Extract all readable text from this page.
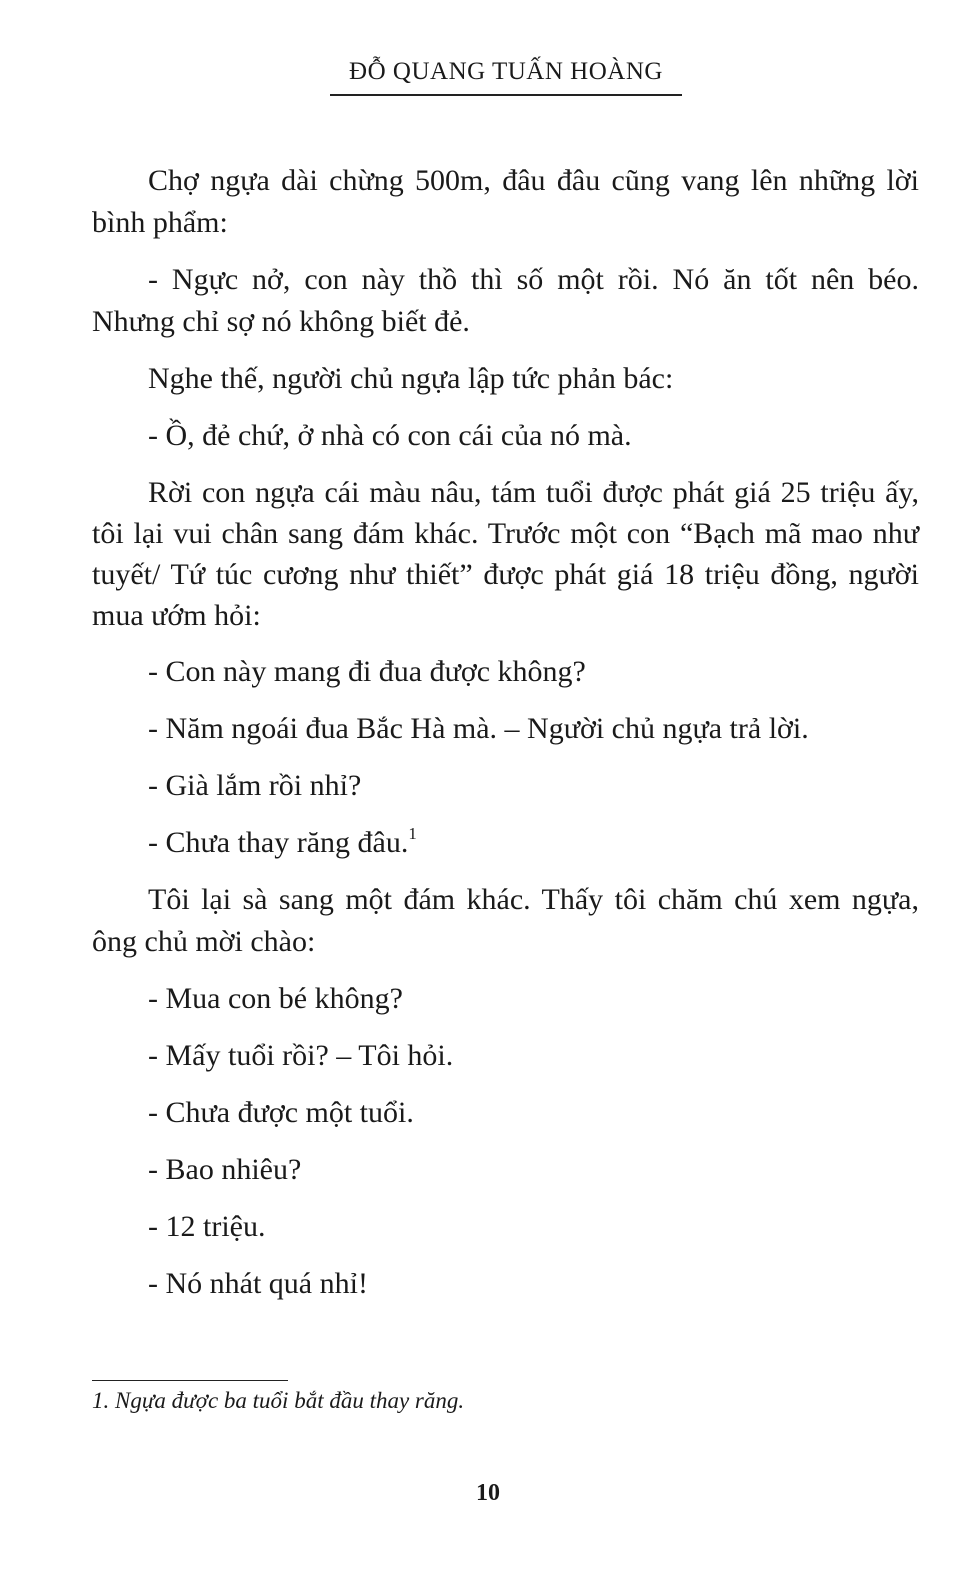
ĐỖ QUANG TUẤN HOÀNG

Chợ ngựa dài chừng 500m, đâu đâu cũng vang lên những lời bình phẩm:

- Ngực nở, con này thồ thì số một rồi. Nó ăn tốt nên béo. Nhưng chỉ sợ nó không biết đẻ.

Nghe thế, người chủ ngựa lập tức phản bác:

- Ồ, đẻ chứ, ở nhà có con cái của nó mà.

Rời con ngựa cái màu nâu, tám tuổi được phát giá 25 triệu ấy, tôi lại vui chân sang đám khác. Trước một con “Bạch mã mao như tuyết/ Tứ túc cương như thiết” được phát giá 18 triệu đồng, người mua ướm hỏi:

- Con này mang đi đua được không?

- Năm ngoái đua Bắc Hà mà. – Người chủ ngựa trả lời.

- Già lắm rồi nhỉ?

- Chưa thay răng đâu.$^1$

Tôi lại sà sang một đám khác. Thấy tôi chăm chú xem ngựa, ông chủ mời chào:

- Mua con bé không?

- Mấy tuổi rồi? – Tôi hỏi.

- Chưa được một tuổi.

- Bao nhiêu?

- 12 triệu.

- Nó nhát quá nhỉ!

1. Ngựa được ba tuổi bắt đầu thay răng.
10
